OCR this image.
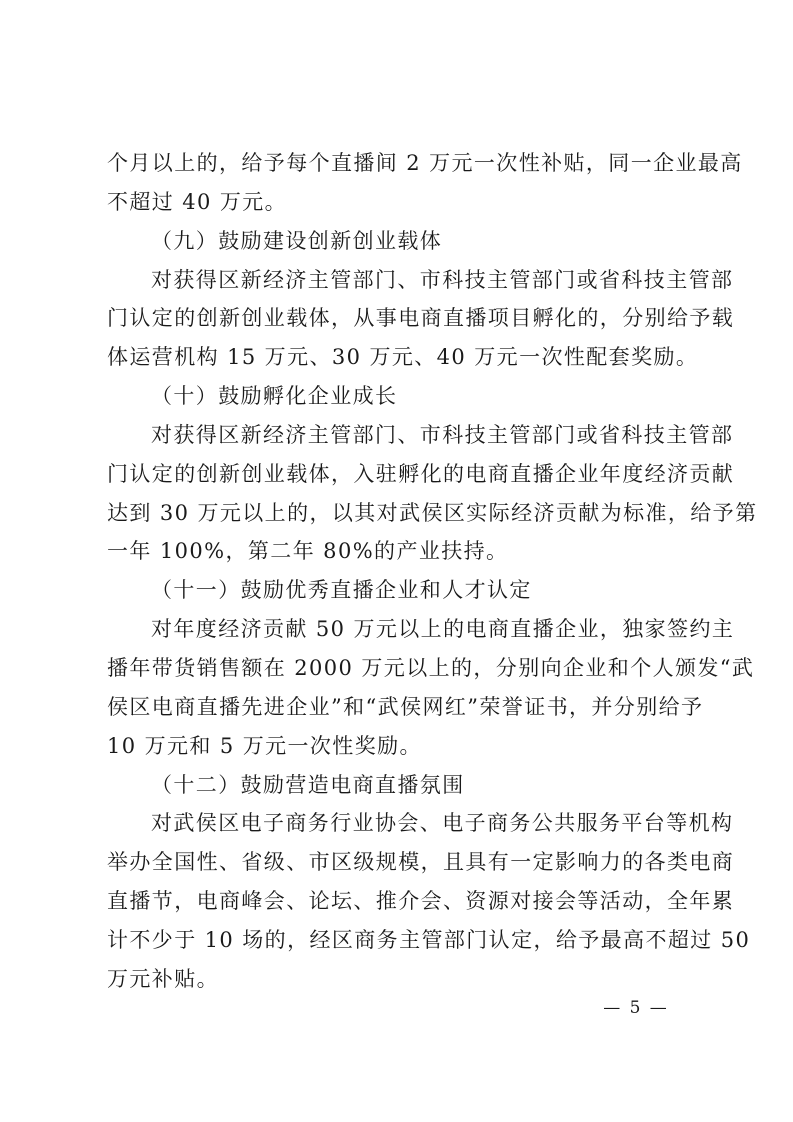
个月以上的，给予每个直播间 2 万元一次性补贴，同一企业最高
不超过 40 万元。
（九）鼓励建设创新创业载体
对获得区新经济主管部门、市科技主管部门或省科技主管部
门认定的创新创业载体，从事电商直播项目孵化的，分别给予载
体运营机构 15 万元、30 万元、40 万元一次性配套奖励。
（十）鼓励孵化企业成长
对获得区新经济主管部门、市科技主管部门或省科技主管部
门认定的创新创业载体，入驻孵化的电商直播企业年度经济贡献
达到 30 万元以上的，以其对武侯区实际经济贡献为标准，给予第
一年 100%，第二年 80%的产业扶持。
（十一）鼓励优秀直播企业和人才认定
对年度经济贡献 50 万元以上的电商直播企业，独家签约主
播年带货销售额在 2000 万元以上的，分别向企业和个人颁发“武
侯区电商直播先进企业”和“武侯网红”荣誉证书，并分别给予
10 万元和 5 万元一次性奖励。
（十二）鼓励营造电商直播氛围
对武侯区电子商务行业协会、电子商务公共服务平台等机构
举办全国性、省级、市区级规模，且具有一定影响力的各类电商
直播节，电商峰会、论坛、推介会、资源对接会等活动，全年累
计不少于 10 场的，经区商务主管部门认定，给予最高不超过 50
万元补贴。
— 5 —
